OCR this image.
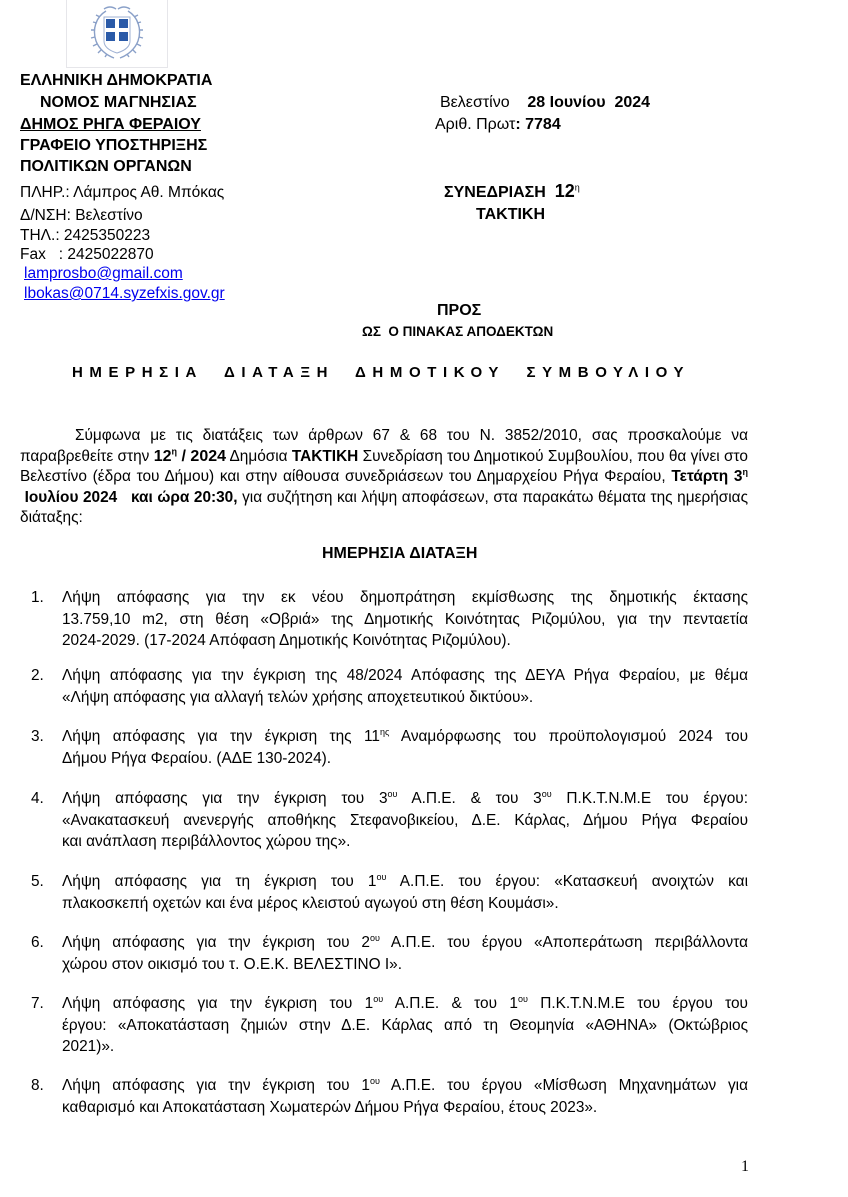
ΕΛΛΗΝΙΚΗ ΔΗΜΟΚΡΑΤΙΑ
ΝΟΜΟΣ ΜΑΓΝΗΣΙΑΣ
ΔΗΜΟΣ ΡΗΓΑ ΦΕΡΑΙΟΥ
ΓΡΑΦΕΙΟ ΥΠΟΣΤΗΡΙΞΗΣ
ΠΟΛΙΤΙΚΩΝ ΟΡΓΑΝΩΝ
ΠΛΗΡ.: Λάμπρος Αθ. Μπόκας
Δ/ΝΣΗ: Βελεστίνο
ΤΗΛ.: 2425350223
Fax   : 2425022870
lamprosbo@gmail.com
lbokas@0714.syzefxis.gov.gr
Βελεστίνο 28 Ιουνίου  2024
Αριθ. Πρωτ: 7784
ΣΥΝΕΔΡΙΑΣΗ $12^\eta$
ΤΑΚΤΙΚΗ
ΠΡΟΣ
ΩΣ  Ο ΠΙΝΑΚΑΣ ΑΠΟΔΕΚΤΩΝ
ΗΜΕΡΗΣΙΑ  ΔΙΑΤΑΞΗ  ΔΗΜΟΤΙΚΟΥ  ΣΥΜΒΟΥΛΙΟΥ
Σύμφωνα με τις διατάξεις των άρθρων 67 & 68 του Ν. 3852/2010, σας προσκαλούμε να παραβρεθείτε στην $12^\eta / 2024$ Δημόσια ΤΑΚΤΙΚΗ Συνεδρίαση του Δημοτικού Συμβουλίου, που θα γίνει στο Βελεστίνο (έδρα του Δήμου) και στην αίθουσα συνεδριάσεων του Δημαρχείου Ρήγα Φεραίου, Τετάρτη $3^\eta$ Ιουλίου 2024   και ώρα 20:30, για συζήτηση και λήψη αποφάσεων, στα παρακάτω θέματα της ημερήσιας διάταξης:
ΗΜΕΡΗΣΙΑ ΔΙΑΤΑΞΗ
1.	Λήψη απόφασης για την εκ νέου δημοπράτηση εκμίσθωσης της δημοτικής έκτασης
13.759,10 m2, στη θέση «Οβριά» της Δημοτικής Κοινότητας Ριζομύλου, για την πενταετία
2024-2029. (17-2024 Απόφαση Δημοτικής Κοινότητας Ριζομύλου).
2.	Λήψη απόφασης για την έγκριση της 48/2024 Απόφασης της ΔΕΥΑ Ρήγα Φεραίου, με θέμα
«Λήψη απόφασης για αλλαγή τελών χρήσης αποχετευτικού δικτύου».
3.	Λήψη απόφασης για την έγκριση της $11^{\eta\varsigma}$ Αναμόρφωσης του προϋπολογισμού 2024 του
Δήμου Ρήγα Φεραίου. (ΑΔΕ 130-2024).
4.	Λήψη απόφασης για την έγκριση του $3^{o\upsilon}$ Α.Π.Ε. & του $3^{o\upsilon}$ Π.Κ.Τ.Ν.Μ.Ε του έργου:
«Ανακατασκευή ανενεργής αποθήκης Στεφανοβικείου, Δ.Ε. Κάρλας, Δήμου Ρήγα Φεραίου
και ανάπλαση περιβάλλοντος χώρου της».
5.	Λήψη απόφασης για τη έγκριση του $1^{o\upsilon}$ Α.Π.Ε. του έργου: «Κατασκευή ανοιχτών και
πλακοσκεπή οχετών και ένα μέρος κλειστού αγωγού στη θέση Κουμάσι».
6.	Λήψη απόφασης για την έγκριση του $2^{o\upsilon}$ Α.Π.Ε. του έργου «Αποπεράτωση περιβάλλοντα
χώρου στον οικισμό του τ. Ο.Ε.Κ. ΒΕΛΕΣΤΙΝΟ Ι».
7.	Λήψη απόφασης για την έγκριση του $1^{o\upsilon}$ Α.Π.Ε. & του $1^{o\upsilon}$ Π.Κ.Τ.Ν.Μ.Ε του έργου του
έργου: «Αποκατάσταση ζημιών στην Δ.Ε. Κάρλας από τη Θεομηνία «ΑΘΗΝΑ» (Οκτώβριος
2021)».
8.	Λήψη απόφασης για την έγκριση του $1^{o\upsilon}$ Α.Π.Ε. του έργου «Μίσθωση Μηχανημάτων για
καθαρισμό και Αποκατάσταση Χωματερών Δήμου Ρήγα Φεραίου, έτους 2023».
1
